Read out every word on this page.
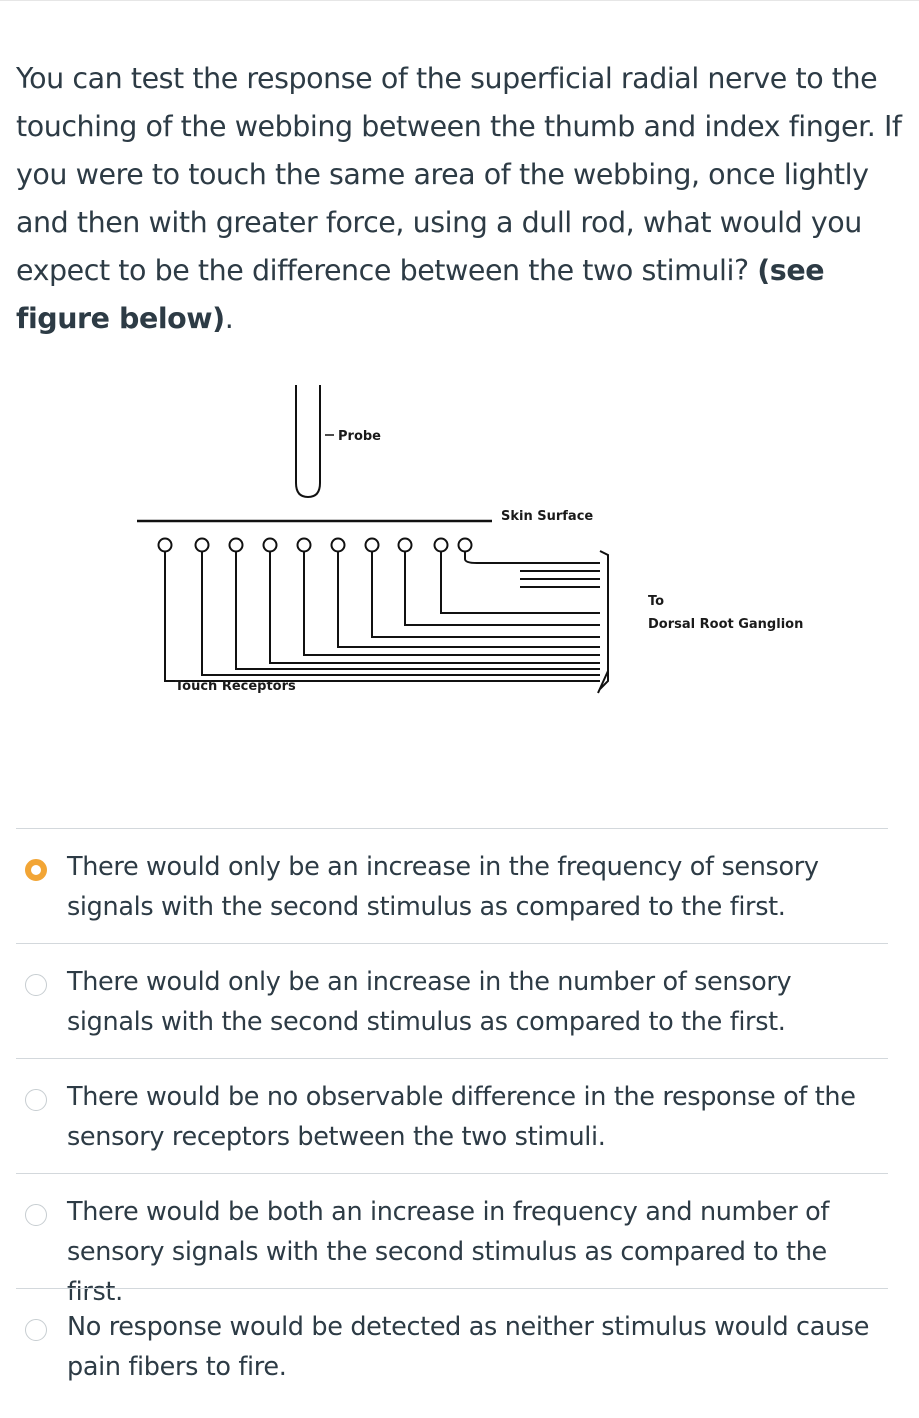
You can test the response of the superficial radial nerve to the touching of the webbing between the thumb and index finger. If you were to touch the same area of the webbing, once lightly and then with greater force, using a dull rod, what would you expect to be the difference between the two stimuli? (see figure below).

Probe
Skin Surface
To
Dorsal Root Ganglion
Touch Receptors
There would only be an increase in the frequency of sensory signals with the second stimulus as compared to the first.
There would only be an increase in the number of sensory signals with the second stimulus as compared to the first.
There would be no observable difference in the response of the sensory receptors between the two stimuli.
There would be both an increase in frequency and number of sensory signals with the second stimulus as compared to the first.
No response would be detected as neither stimulus would cause pain fibers to fire.
